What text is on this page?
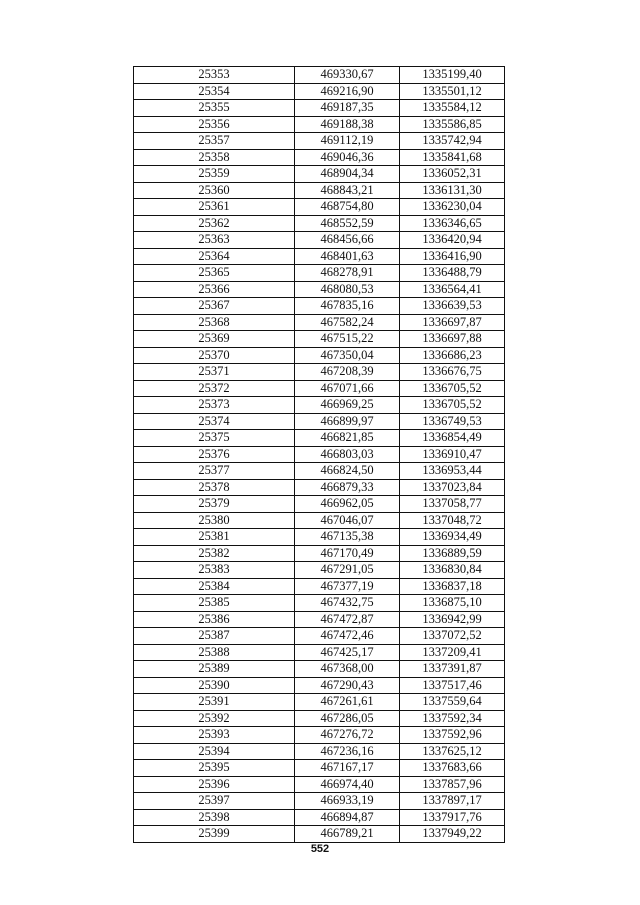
25353	469330,67	1335199,40
25354	469216,90	1335501,12
25355	469187,35	1335584,12
25356	469188,38	1335586,85
25357	469112,19	1335742,94
25358	469046,36	1335841,68
25359	468904,34	1336052,31
25360	468843,21	1336131,30
25361	468754,80	1336230,04
25362	468552,59	1336346,65
25363	468456,66	1336420,94
25364	468401,63	1336416,90
25365	468278,91	1336488,79
25366	468080,53	1336564,41
25367	467835,16	1336639,53
25368	467582,24	1336697,87
25369	467515,22	1336697,88
25370	467350,04	1336686,23
25371	467208,39	1336676,75
25372	467071,66	1336705,52
25373	466969,25	1336705,52
25374	466899,97	1336749,53
25375	466821,85	1336854,49
25376	466803,03	1336910,47
25377	466824,50	1336953,44
25378	466879,33	1337023,84
25379	466962,05	1337058,77
25380	467046,07	1337048,72
25381	467135,38	1336934,49
25382	467170,49	1336889,59
25383	467291,05	1336830,84
25384	467377,19	1336837,18
25385	467432,75	1336875,10
25386	467472,87	1336942,99
25387	467472,46	1337072,52
25388	467425,17	1337209,41
25389	467368,00	1337391,87
25390	467290,43	1337517,46
25391	467261,61	1337559,64
25392	467286,05	1337592,34
25393	467276,72	1337592,96
25394	467236,16	1337625,12
25395	467167,17	1337683,66
25396	466974,40	1337857,96
25397	466933,19	1337897,17
25398	466894,87	1337917,76
25399	466789,21	1337949,22
552
